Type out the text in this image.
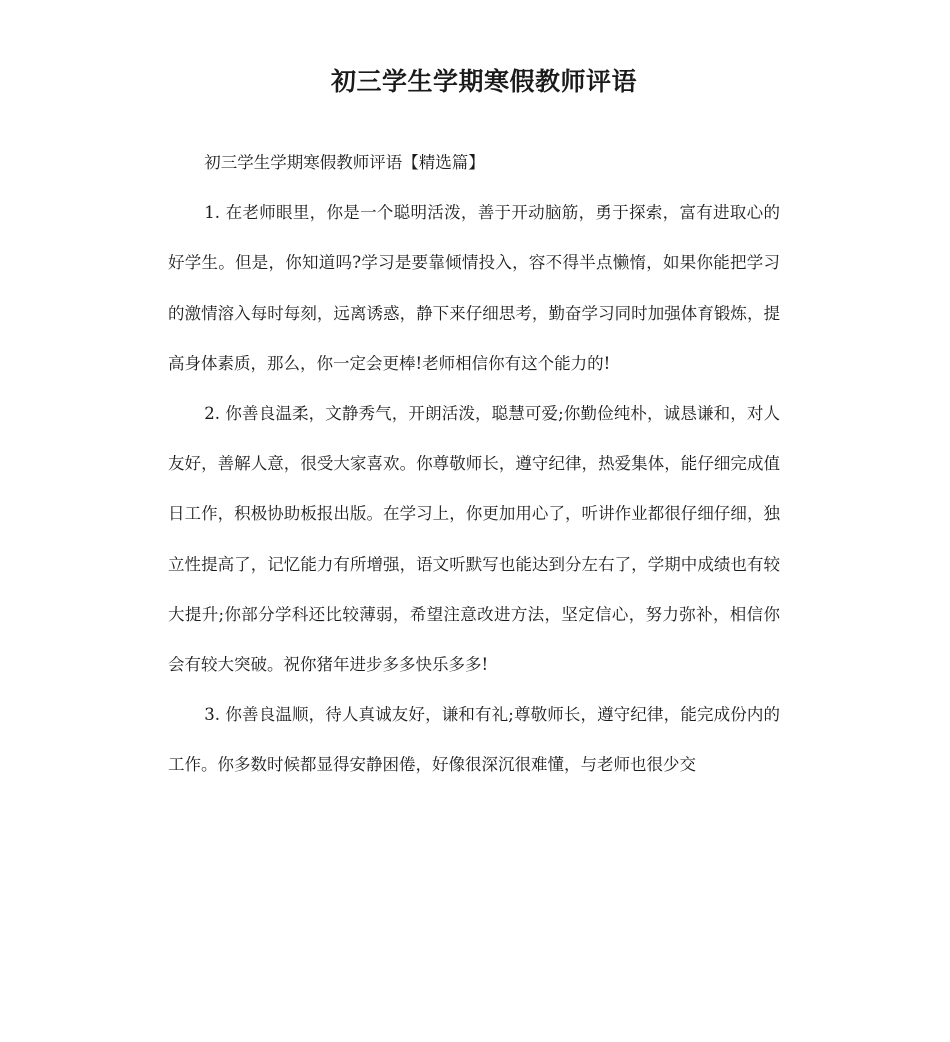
初三学生学期寒假教师评语

初三学生学期寒假教师评语【精选篇】

1. 在老师眼里，你是一个聪明活泼，善于开动脑筋，勇于探索，富有进取心的好学生。但是，你知道吗?学习是要靠倾情投入，容不得半点懒惰，如果你能把学习的激情溶入每时每刻，远离诱惑，静下来仔细思考，勤奋学习同时加强体育锻炼，提高身体素质，那么，你一定会更棒!老师相信你有这个能力的!

2. 你善良温柔，文静秀气，开朗活泼，聪慧可爱;你勤俭纯朴，诚恳谦和，对人友好，善解人意，很受大家喜欢。你尊敬师长，遵守纪律，热爱集体，能仔细完成值日工作，积极协助板报出版。在学习上，你更加用心了，听讲作业都很仔细仔细，独立性提高了，记忆能力有所增强，语文听默写也能达到分左右了，学期中成绩也有较大提升;你部分学科还比较薄弱，希望注意改进方法，坚定信心，努力弥补，相信你会有较大突破。祝你猪年进步多多快乐多多!

3. 你善良温顺，待人真诚友好，谦和有礼;尊敬师长，遵守纪律，能完成份内的工作。你多数时候都显得安静困倦，好像很深沉很难懂，与老师也很少交
